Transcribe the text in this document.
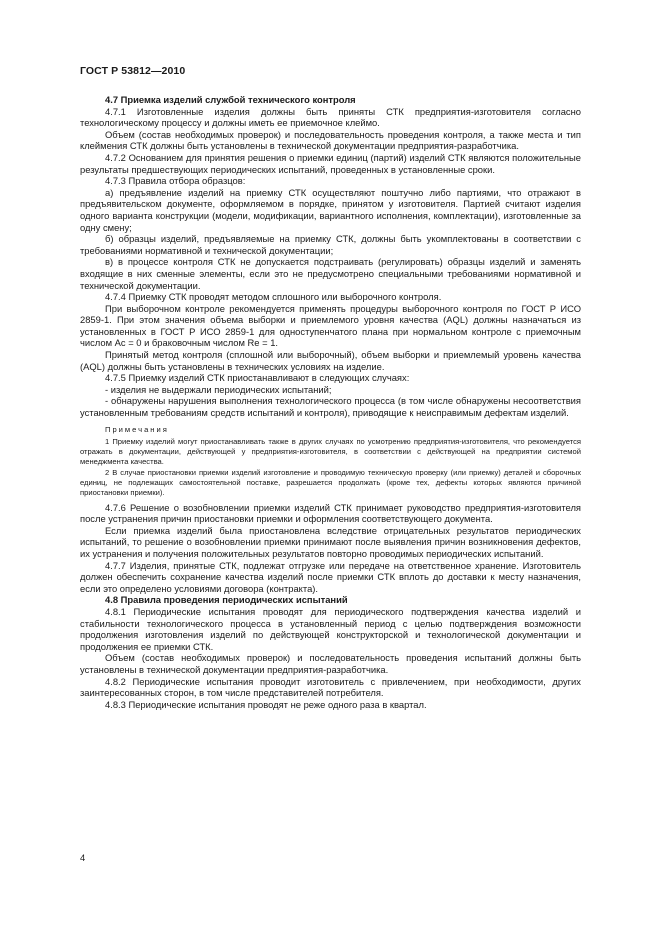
ГОСТ Р 53812—2010

4.7 Приемка изделий службой технического контроля

4.7.1 Изготовленные изделия должны быть приняты СТК предприятия-изготовителя согласно технологическому процессу и должны иметь ее приемочное клеймо.

Объем (состав необходимых проверок) и последовательность проведения контроля, а также места и тип клеймения СТК должны быть установлены в технической документации предприятия-разработчика.

4.7.2 Основанием для принятия решения о приемки единиц (партий) изделий СТК являются положительные результаты предшествующих периодических испытаний, проведенных в установленные сроки.

4.7.3 Правила отбора образцов:

а) предъявление изделий на приемку СТК осуществляют поштучно либо партиями, что отражают в предъявительском документе, оформляемом в порядке, принятом у изготовителя. Партией считают изделия одного варианта конструкции (модели, модификации, вариантного исполнения, комплектации), изготовленные за одну смену;

б) образцы изделий, предъявляемые на приемку СТК, должны быть укомплектованы в соответствии с требованиями нормативной и технической документации;

в) в процессе контроля СТК не допускается подстраивать (регулировать) образцы изделий и заменять входящие в них сменные элементы, если это не предусмотрено специальными требованиями нормативной и технической документации.

4.7.4 Приемку СТК проводят методом сплошного или выборочного контроля.

При выборочном контроле рекомендуется применять процедуры выборочного контроля по ГОСТ Р ИСО 2859-1. При этом значения объема выборки и приемлемого уровня качества (AQL) должны назначаться из установленных в ГОСТ Р ИСО 2859-1 для одноступенчатого плана при нормальном контроле с приемочным числом Ac = 0 и браковочным числом Re = 1.

Принятый метод контроля (сплошной или выборочный), объем выборки и приемлемый уровень качества (AQL) должны быть установлены в технических условиях на изделие.

4.7.5 Приемку изделий СТК приостанавливают в следующих случаях:

- изделия не выдержали периодических испытаний;

- обнаружены нарушения выполнения технологического процесса (в том числе обнаружены несоответствия установленным требованиям средств испытаний и контроля), приводящие к неисправимым дефектам изделий.

Примечания

1 Приемку изделий могут приостанавливать также в других случаях по усмотрению предприятия-изготовителя, что рекомендуется отражать в документации, действующей у предприятия-изготовителя, в соответствии с действующей на предприятии системой менеджмента качества.

2 В случае приостановки приемки изделий изготовление и проводимую техническую проверку (или приемку) деталей и сборочных единиц, не подлежащих самостоятельной поставке, разрешается продолжать (кроме тех, дефекты которых являются причиной приостановки приемки).

4.7.6 Решение о возобновлении приемки изделий СТК принимает руководство предприятия-изготовителя после устранения причин приостановки приемки и оформления соответствующего документа.

Если приемка изделий была приостановлена вследствие отрицательных результатов периодических испытаний, то решение о возобновлении приемки принимают после выявления причин возникновения дефектов, их устранения и получения положительных результатов повторно проводимых периодических испытаний.

4.7.7 Изделия, принятые СТК, подлежат отгрузке или передаче на ответственное хранение. Изготовитель должен обеспечить сохранение качества изделий после приемки СТК вплоть до доставки к месту назначения, если это определено условиями договора (контракта).

4.8 Правила проведения периодических испытаний

4.8.1 Периодические испытания проводят для периодического подтверждения качества изделий и стабильности технологического процесса в установленный период с целью подтверждения возможности продолжения изготовления изделий по действующей конструкторской и технологической документации и продолжения ее приемки СТК.

Объем (состав необходимых проверок) и последовательность проведения испытаний должны быть установлены в технической документации предприятия-разработчика.

4.8.2 Периодические испытания проводит изготовитель с привлечением, при необходимости, других заинтересованных сторон, в том числе представителей потребителя.

4.8.3 Периодические испытания проводят не реже одного раза в квартал.

4
